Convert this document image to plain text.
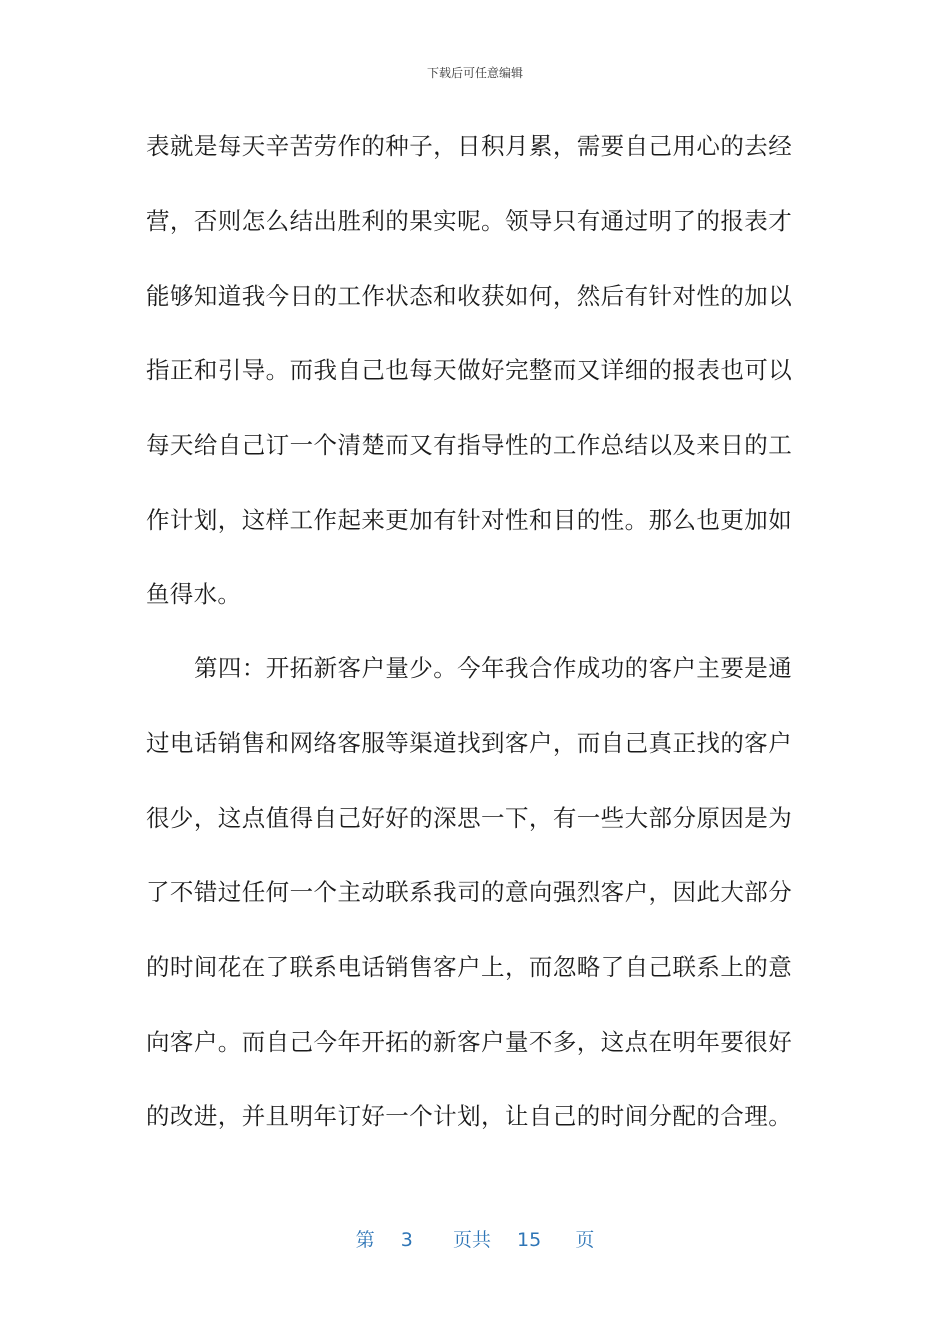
下载后可任意编辑
表就是每天辛苦劳作的种子，日积月累，需要自己用心的去经
营，否则怎么结出胜利的果实呢。领导只有通过明了的报表才
能够知道我今日的工作状态和收获如何，然后有针对性的加以
指正和引导。而我自己也每天做好完整而又详细的报表也可以
每天给自己订一个清楚而又有指导性的工作总结以及来日的工
作计划，这样工作起来更加有针对性和目的性。那么也更加如
鱼得水。
第四：开拓新客户量少。今年我合作成功的客户主要是通
过电话销售和网络客服等渠道找到客户，而自己真正找的客户
很少，这点值得自己好好的深思一下，有一些大部分原因是为
了不错过任何一个主动联系我司的意向强烈客户，因此大部分
的时间花在了联系电话销售客户上，而忽略了自己联系上的意
向客户。而自己今年开拓的新客户量不多，这点在明年要很好
的改进，并且明年订好一个计划，让自己的时间分配的合理。
第 3 页共 15 页
